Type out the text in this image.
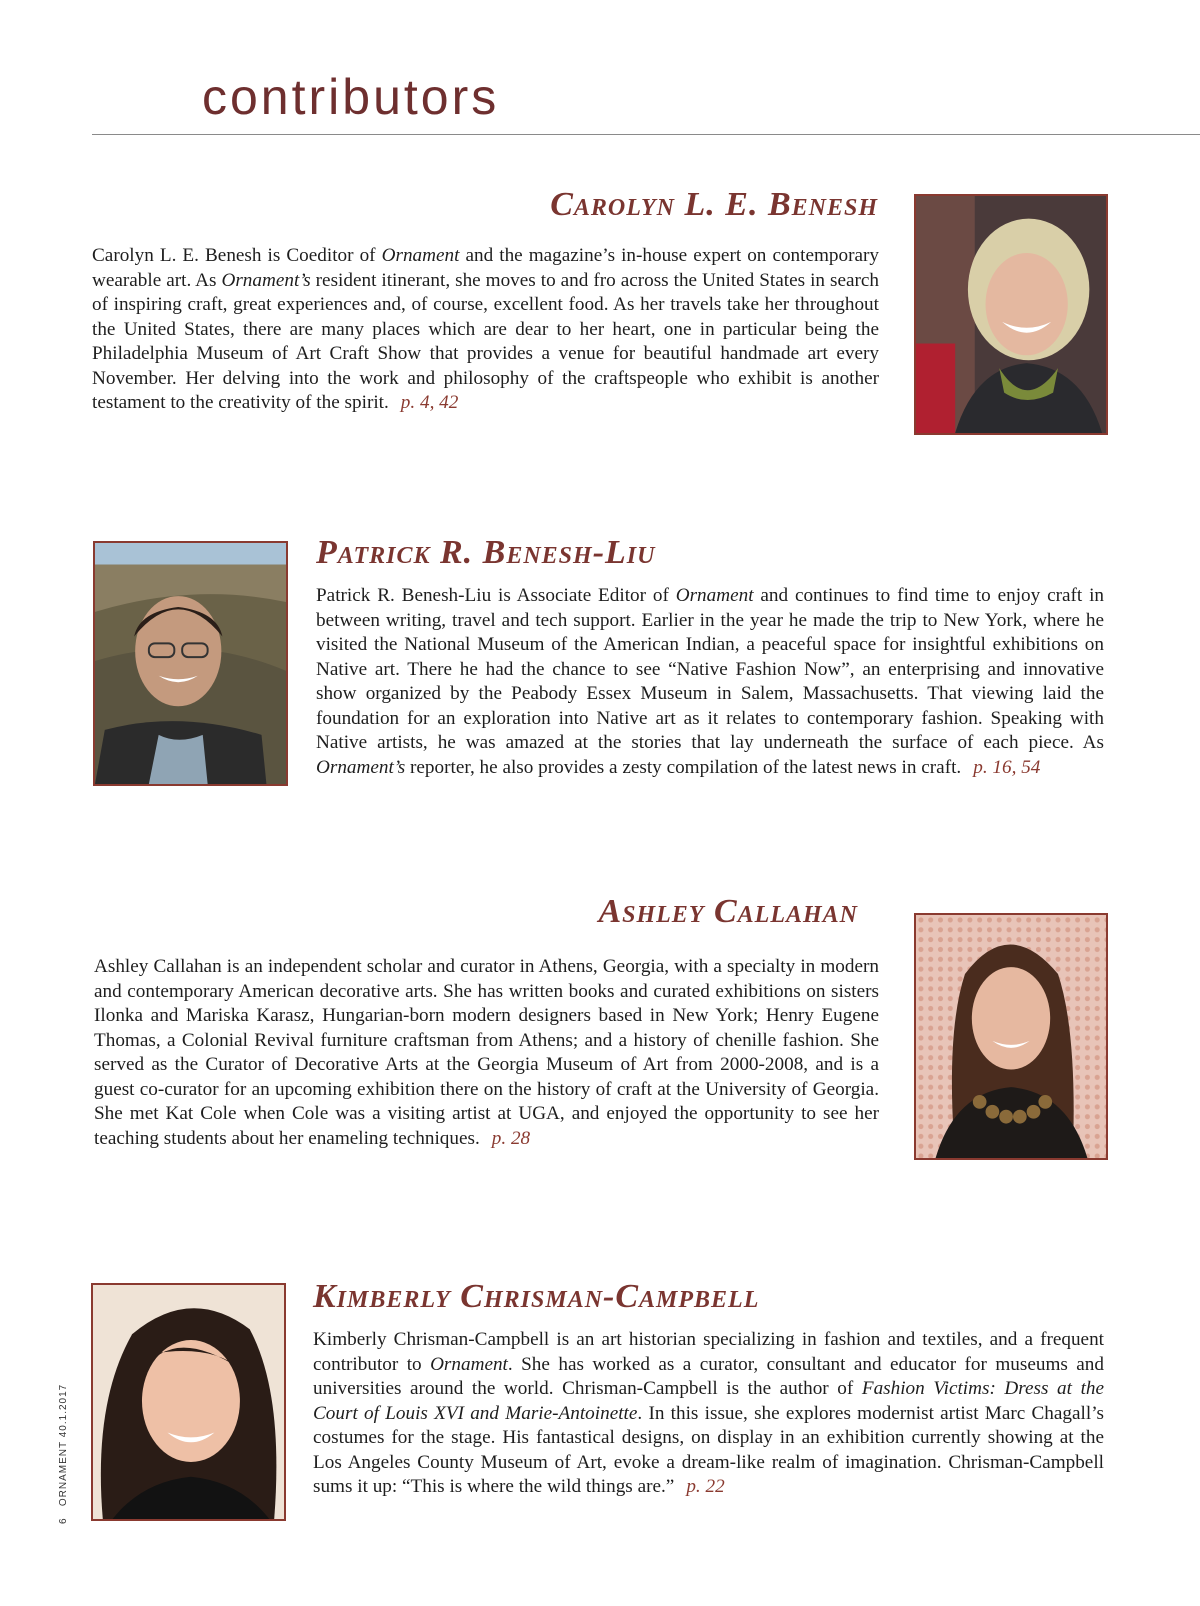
contributors
Carolyn L. E. Benesh

Carolyn L. E. Benesh is Coeditor of Ornament and the magazine’s in-house expert on contemporary wearable art. As Ornament’s resident itinerant, she moves to and fro across the United States in search of inspiring craft, great experiences and, of course, excellent food. As her travels take her throughout the United States, there are many places which are dear to her heart, one in particular being the Philadelphia Museum of Art Craft Show that provides a venue for beautiful handmade art every November. Her delving into the work and philosophy of the craftspeople who exhibit is another testament to the creativity of the spirit. p. 4, 42

Patrick R. Benesh-Liu

Patrick R. Benesh-Liu is Associate Editor of Ornament and continues to find time to enjoy craft in between writing, travel and tech support. Earlier in the year he made the trip to New York, where he visited the National Museum of the American Indian, a peaceful space for insightful exhibitions on Native art. There he had the chance to see “Native Fashion Now”, an enterprising and innovative show organized by the Peabody Essex Museum in Salem, Massachusetts. That viewing laid the foundation for an exploration into Native art as it relates to contemporary fashion. Speaking with Native artists, he was amazed at the stories that lay underneath the surface of each piece. As Ornament’s reporter, he also provides a zesty compilation of the latest news in craft. p. 16, 54

Ashley Callahan

Ashley Callahan is an independent scholar and curator in Athens, Georgia, with a specialty in modern and contemporary American decorative arts. She has written books and curated exhibitions on sisters Ilonka and Mariska Karasz, Hungarian-born modern designers based in New York; Henry Eugene Thomas, a Colonial Revival furniture craftsman from Athens; and a history of chenille fashion. She served as the Curator of Decorative Arts at the Georgia Museum of Art from 2000-2008, and is a guest co-curator for an upcoming exhibition there on the history of craft at the University of Georgia. She met Kat Cole when Cole was a visiting artist at UGA, and enjoyed the opportunity to see her teaching students about her enameling techniques. p. 28

Kimberly Chrisman-Campbell

Kimberly Chrisman-Campbell is an art historian specializing in fashion and textiles, and a frequent contributor to Ornament. She has worked as a curator, consultant and educator for museums and universities around the world. Chrisman-Campbell is the author of Fashion Victims: Dress at the Court of Louis XVI and Marie-Antoinette. In this issue, she explores modernist artist Marc Chagall’s costumes for the stage. His fantastical designs, on display in an exhibition currently showing at the Los Angeles County Museum of Art, evoke a dream-like realm of imagination. Chrisman-Campbell sums it up: “This is where the wild things are.” p. 22

6   ORNAMENT 40.1.2017
